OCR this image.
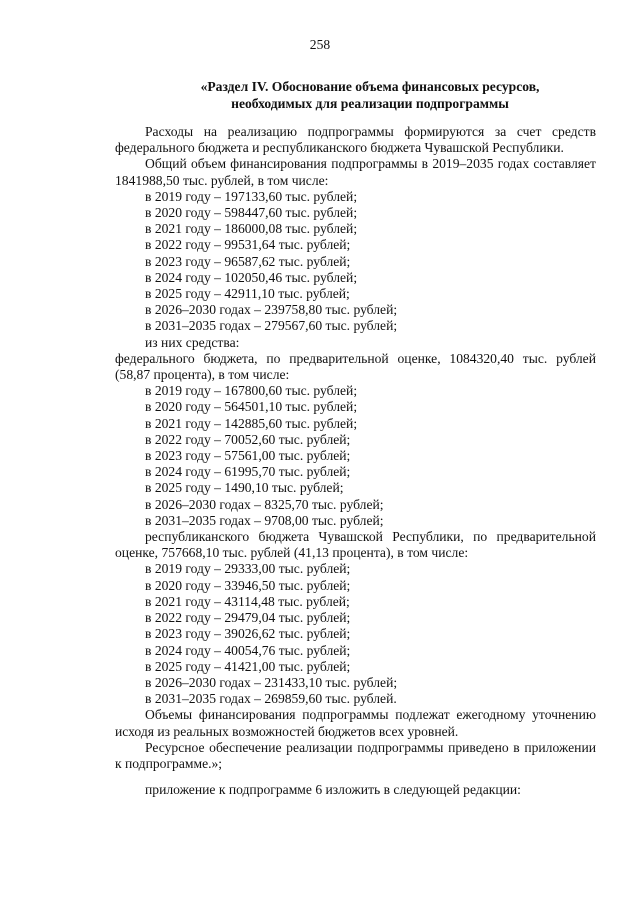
258
«Раздел IV. Обоснование объема финансовых ресурсов,
необходимых для реализации подпрограммы
Расходы на реализацию подпрограммы формируются за счет средств федерального бюджета и республиканского бюджета Чувашской Республики.
Общий объем финансирования подпрограммы в 2019–2035 годах составляет 1841988,50 тыс. рублей, в том числе:
в 2019 году – 197133,60 тыс. рублей;
в 2020 году – 598447,60 тыс. рублей;
в 2021 году – 186000,08 тыс. рублей;
в 2022 году – 99531,64 тыс. рублей;
в 2023 году – 96587,62 тыс. рублей;
в 2024 году – 102050,46 тыс. рублей;
в 2025 году – 42911,10 тыс. рублей;
в 2026–2030 годах – 239758,80 тыс. рублей;
в 2031–2035 годах – 279567,60 тыс. рублей;
из них средства:
федерального бюджета, по предварительной оценке, 1084320,40 тыс. рублей (58,87 процента), в том числе:
в 2019 году – 167800,60 тыс. рублей;
в 2020 году – 564501,10 тыс. рублей;
в 2021 году – 142885,60 тыс. рублей;
в 2022 году – 70052,60 тыс. рублей;
в 2023 году – 57561,00 тыс. рублей;
в 2024 году – 61995,70 тыс. рублей;
в 2025 году – 1490,10 тыс. рублей;
в 2026–2030 годах – 8325,70 тыс. рублей;
в 2031–2035 годах – 9708,00 тыс. рублей;
республиканского бюджета Чувашской Республики, по предварительной оценке, 757668,10 тыс. рублей (41,13 процента), в том числе:
в 2019 году – 29333,00 тыс. рублей;
в 2020 году – 33946,50 тыс. рублей;
в 2021 году – 43114,48 тыс. рублей;
в 2022 году – 29479,04 тыс. рублей;
в 2023 году – 39026,62 тыс. рублей;
в 2024 году – 40054,76 тыс. рублей;
в 2025 году – 41421,00 тыс. рублей;
в 2026–2030 годах – 231433,10 тыс. рублей;
в 2031–2035 годах – 269859,60 тыс. рублей.
Объемы финансирования подпрограммы подлежат ежегодному уточнению исходя из реальных возможностей бюджетов всех уровней.
Ресурсное обеспечение реализации подпрограммы приведено в приложении к подпрограмме.»;
приложение к подпрограмме 6 изложить в следующей редакции:
